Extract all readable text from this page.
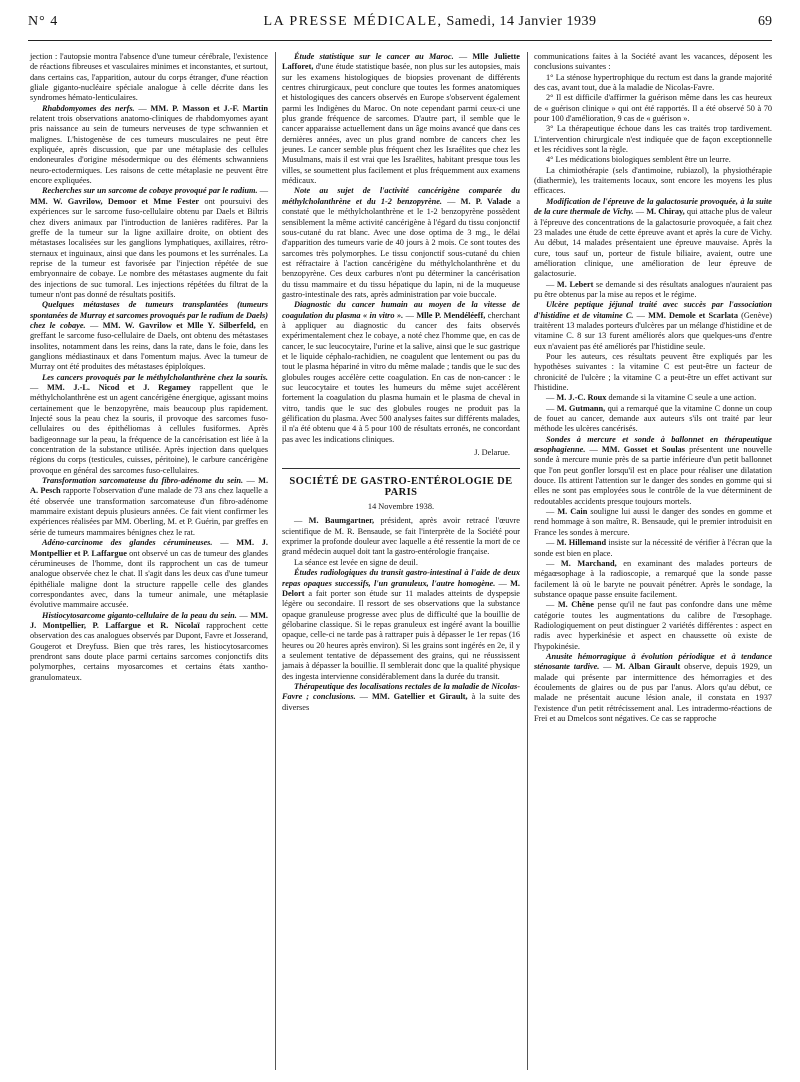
N° 4	LA PRESSE MÉDICALE, Samedi, 14 Janvier 1939	69

jection : l'autopsie montra l'absence d'une tumeur cérébrale, l'existence de réactions fibreuses et vasculaires minimes et inconstantes, et surtout, dans certains cas, l'apparition, autour du corps étranger, d'une réaction gliale giganto-nucléaire spéciale analogue à celle décrite dans les syndromes hémato-lenticulaires.

Rhabdomyomes des nerfs. — MM. P. Masson et J.-F. Martin relatent trois observations anatomo-cliniques de rhabdomyomes ayant pris naissance au sein de tumeurs nerveuses de type schwannien et malignes. L'histogenèse de ces tumeurs musculaires ne peut être expliquée, après discussion, que par une métaplasie des cellules endoneurales d'origine mésodermique ou des éléments schwanniens neuro-ectodermiques. Les raisons de cette métaplasie ne peuvent être encore expliquées.

Recherches sur un sarcome de cobaye provoqué par le radium. — MM. W. Gavrilow, Demoor et Mme Fester ont poursuivi des expériences sur le sarcome fuso-cellulaire obtenu par Daels et Biltris chez divers animaux par l'introduction de lanières radifères. Par la greffe de la tumeur sur la ligne axillaire droite, on obtient des métastases localisées sur les ganglions lymphatiques, axillaires, rétro-sternaux et inguinaux, ainsi que dans les poumons et les surrénales. La reprise de la tumeur est favorisée par l'injection répétée de sue embryonnaire de cobaye. Le nombre des métastases augmente du fait des injections de suc tumoral. Les injections répétées du filtrat de la tumeur n'ont pas donné de résultats positifs.

Quelques métastases de tumeurs transplantées (tumeurs spontanées de Murray et sarcomes provoqués par le radium de Daels) chez le cobaye. — MM. W. Gavrilow et Mlle Y. Silberfeld, en greffant le sarcome fuso-cellulaire de Daels, ont obtenu des métastases insolites, notamment dans les reins, dans la rate, dans le foie, dans les ganglions médiastinaux et dans l'omentum majus. Avec la tumeur de Murray ont été produites des métastases épiploïques.

Les cancers provoqués par le méthylcholanthrène chez la souris. — MM. J.-L. Nicod et J. Regamey rappellent que le méthylcholanthrène est un agent cancérigène énergique, agissant moins certainement que le benzopyrène, mais beaucoup plus rapidement. Injecté sous la peau chez la souris, il provoque des sarcomes fuso-cellulaires ou des épithéliomas à cellules fusiformes. Après badigeonnage sur la peau, la fréquence de la cancérisation est liée à la concentration de la substance utilisée. Après injection dans quelques régions du corps (testicules, cuisses, péritoine), le carbure cancérigène provoque en général des sarcomes fuso-cellulaires.

Transformation sarcomateuse du fibro-adénome du sein. — M. A. Pesch rapporte l'observation d'une malade de 73 ans chez laquelle a été observée une transformation sarcomateuse d'un fibro-adénome mammaire existant depuis plusieurs années. Ce fait vient confirmer les expériences réalisées par MM. Oberling, M. et P. Guérin, par greffes en série de tumeurs mammaires bénignes chez le rat.

Adéno-carcinome des glandes cérumineuses. — MM. J. Montpellier et P. Laffargue ont observé un cas de tumeur des glandes cérumineuses de l'homme, dont ils rapprochent un cas de tumeur analogue observée chez le chat. Il s'agit dans les deux cas d'une tumeur épithéliale maligne dont la structure rappelle celle des glandes correspondantes avec, dans la tumeur animale, une métaplasie évolutive mammaire accusée.

Histiocytosarcome giganto-cellulaire de la peau du sein. — MM. J. Montpellier, P. Laffargue et R. Nicolaï rapprochent cette observation des cas analogues observés par Dupont, Favre et Josserand, Gougerot et Dreyfuss. Bien que très rares, les histiocytosarcomes prendront sans doute place parmi certains sarcomes conjonctifs dits polymorphes, certains myosarcomes et certains états xantho-granulomateux.

Étude statistique sur le cancer au Maroc. — Mlle Juliette Lafforet, d'une étude statistique basée, non plus sur les autopsies, mais sur les examens histologiques de biopsies provenant de différents centres chirurgicaux, peut conclure que toutes les formes anatomiques et histologiques des cancers observés en Europe s'observent également parmi les Indigènes du Maroc. On note cependant parmi ceux-ci une plus grande fréquence de sarcomes. D'autre part, il semble que le cancer apparaisse actuellement dans un âge moins avancé que dans ces dernières années, avec un plus grand nombre de cancers chez les jeunes. Le cancer semble plus fréquent chez les Israélites que chez les Musulmans, mais il est vrai que les Israélites, habitant presque tous les villes, se soumettent plus facilement et plus fréquemment aux examens médicaux.

Note au sujet de l'activité cancérigène comparée du méthylcholanthrène et du 1-2 benzopyrène. — M. P. Valade a constaté que le méthylcholanthrène et le 1-2 benzopyrène possèdent sensiblement la même activité cancérigène à l'égard du tissu conjonctif sous-cutané du rat blanc. Avec une dose optima de 3 mg., le délai d'apparition des tumeurs varie de 40 jours à 2 mois. Ce sont toutes des sarcomes très polymorphes. Le tissu conjonctif sous-cutané du chien est réfractaire à l'action cancérigène du méthylcholanthrène et du benzopyrène. Ces deux carbures n'ont pu déterminer la cancérisation du tissu mammaire et du tissu hépatique du lapin, ni de la muqueuse gastro-intestinale des rats, après administration par voie buccale.

Diagnostic du cancer humain au moyen de la vitesse de coagulation du plasma « in vitro ». — Mlle P. Mendéléeff, cherchant à appliquer au diagnostic du cancer des faits observés expérimentalement chez le cobaye, a noté chez l'homme que, en cas de cancer, le suc leucocytaire, l'urine et la salive, ainsi que le suc gastrique et le liquide céphalo-rachidien, ne coagulent que lentement ou pas du tout le plasma hépariné in vitro du même malade ; tandis que le suc des globules rouges accélère cette coagulation. En cas de non-cancer : le suc leucocytaire et toutes les humeurs du même sujet accélèrent fortement la coagulation du plasma humain et le plasma de cheval in vitro, tandis que le suc des globules rouges ne produit pas la gélification du plasma. Avec 500 analyses faites sur différents malades, il n'a été obtenu que 4 à 5 pour 100 de résultats erronés, ne concordant pas avec les indications cliniques.

J. Delarue.
SOCIÉTÉ DE GASTRO-ENTÉROLOGIE DE PARIS
14 Novembre 1938.

— M. Baumgartner, président, après avoir retracé l'œuvre scientifique de M. R. Bensaude, se fait l'interprète de la Société pour exprimer la profonde douleur avec laquelle a été ressentie la mort de ce grand médecin auquel doit tant la gastro-entérologie française.

La séance est levée en signe de deuil.

Études radiologiques du transit gastro-intestinal à l'aide de deux repas opaques successifs, l'un granuleux, l'autre homogène. — M. Delort a fait porter son étude sur 11 malades atteints de dyspepsie légère ou secondaire. Il ressort de ses observations que la substance opaque granuleuse progresse avec plus de difficulté que la bouillie de gélobarine classique. Si le repas granuleux est ingéré avant la bouillie opaque, celle-ci ne tarde pas à rattraper puis à dépasser le 1er repas (16 heures ou 20 heures après environ). Si les grains sont ingérés en 2e, il y a seulement tentative de dépassement des grains, qui ne réussissent jamais à dépasser la bouillie. Il semblerait donc que la qualité physique des ingesta intervienne considérablement dans la durée du transit.

Thérapeutique des localisations rectales de la maladie de Nicolas-Favre ; conclusions. — MM. Gatellier et Girault, à la suite des diverses

communications faites à la Société avant les vacances, déposent les conclusions suivantes :

1° La sténose hypertrophique du rectum est dans la grande majorité des cas, avant tout, due à la maladie de Nicolas-Favre.

2° Il est difficile d'affirmer la guérison même dans les cas heureux de « guérison clinique » qui ont été rapportés. Il a été observé 50 à 70 pour 100 d'amélioration, 9 cas de « guérison ».

3° La thérapeutique échoue dans les cas traités trop tardivement. L'intervention chirurgicale n'est indiquée que de façon exceptionnelle et les récidives sont la règle.

4° Les médications biologiques semblent être un leurre.

La chimiothérapie (sels d'antimoine, rubiazol), la physiothérapie (diathermie), les traitements locaux, sont encore les moyens les plus efficaces.

Modification de l'épreuve de la galactosurie provoquée, à la suite de la cure thermale de Vichy. — M. Chiray, qui attache plus de valeur à l'épreuve des concentrations de la galactosurie provoquée, a fait chez 23 malades une étude de cette épreuve avant et après la cure de Vichy. Au début, 14 malades présentaient une épreuve mauvaise. Après la cure, tous sauf un, porteur de fistule biliaire, avaient, outre une amélioration clinique, une amélioration de leur épreuve de galactosurie.

— M. Lebert se demande si des résultats analogues n'auraient pas pu être obtenus par la mise au repos et le régime.

Ulcère peptique jéjunal traité avec succès par l'association d'histidine et de vitamine C. — MM. Demole et Scarlata (Genève) traitèrent 13 malades porteurs d'ulcères par un mélange d'histidine et de vitamine C. 8 sur 13 furent améliorés alors que quelques-uns d'entre eux n'avaient pas été améliorés par l'histidine seule.

Pour les auteurs, ces résultats peuvent être expliqués par les hypothèses suivantes : la vitamine C est peut-être un facteur de chronicité de l'ulcère ; la vitamine C a peut-être un effet activant sur l'histidine.

— M. J.-C. Roux demande si la vitamine C seule a une action.

— M. Gutmann, qui a remarqué que la vitamine C donne un coup de fouet au cancer, demande aux auteurs s'ils ont traité par leur méthode les ulcères cancérisés.

Sondes à mercure et sonde à ballonnet en thérapeutique œsophagienne. — MM. Gosset et Soulas présentent une nouvelle sonde à mercure munie près de sa partie inférieure d'un petit ballonnet que l'on peut gonfler lorsqu'il est en place pour réaliser une dilatation douce. Ils attirent l'attention sur le danger des sondes en gomme qui si elles ne sont pas employées sous le contrôle de la vue déterminent de redoutables accidents presque toujours mortels.

— M. Cain souligne lui aussi le danger des sondes en gomme et rend hommage à son maître, R. Bensaude, qui le premier introduisit en France les sondes à mercure.

— M. Hillemand insiste sur la nécessité de vérifier à l'écran que la sonde est bien en place.

— M. Marchand, en examinant des malades porteurs de mégaœsophage à la radioscopie, a remarqué que la sonde passe facilement là où le baryte ne pouvait pénétrer. Après le sondage, la substance opaque passe ensuite facilement.

— M. Chêne pense qu'il ne faut pas confondre dans une même catégorie toutes les augmentations du calibre de l'œsophage. Radiologiquement on peut distinguer 2 variétés différentes : aspect en radis avec hyperkinésie et aspect en chaussette où existe de l'hypokinésie.

Anusite hémorragique à évolution périodique et à tendance sténosante tardive. — M. Alban Girault observe, depuis 1929, un malade qui présente par intermittence des hémorragies et des écoulements de glaires ou de pus par l'anus. Alors qu'au début, ce malade ne présentait aucune lésion anale, il constata en 1937 l'existence d'un petit rétrécissement anal. Les intradermo-réactions de Frei et au Dmelcos sont négatives. Ce cas se rapproche
